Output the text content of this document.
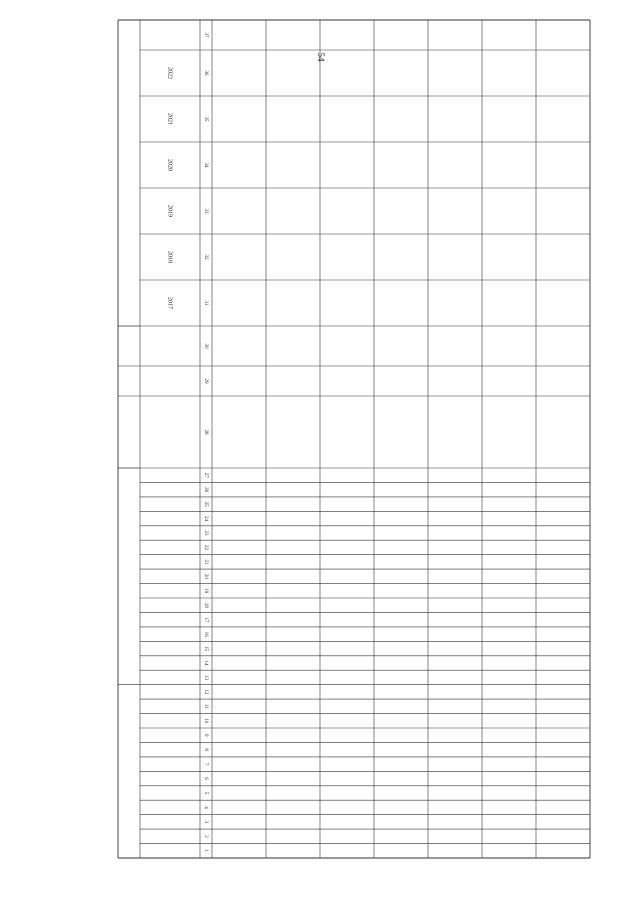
54
2017
2018
2019
2020
2021
2022
1
2
3
4
5
6
7
8
9
10
11
12
13
14
15
16
17
18
19
20
21
22
23
24
25
26
27
28
29
30
31
32
33
34
35
36
37
